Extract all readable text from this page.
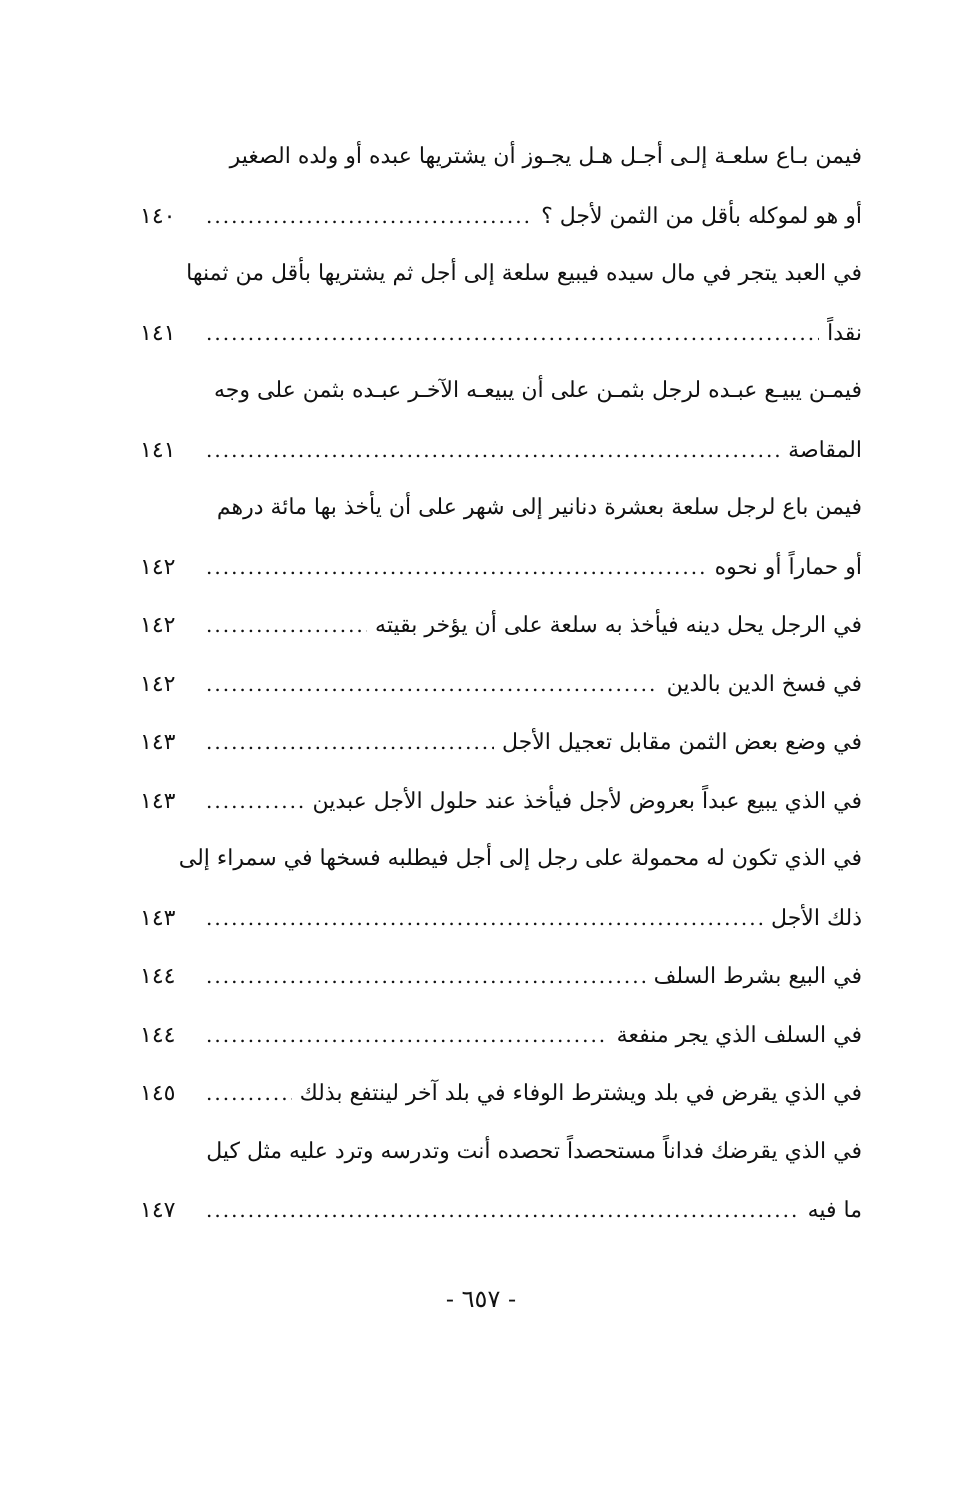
فيمن بـاع سلعـة إلـى أجـل هـل يجـوز أن يشتريها عبده أو ولده الصغير
أو هو لموكله بأقل من الثمن لأجل ؟
.....
١٤٠
في العبد يتجر في مال سيده فيبيع سلعة إلى أجل ثم يشتريها بأقل من ثمنها
نقداً
.....
١٤١
فيمـن يبيـع عبـده لرجل بثمـن على أن يبيعـه الآخـر عبـده بثمن على وجه
المقاصة
.....
١٤١
فيمن باع لرجل سلعة بعشرة دنانير إلى شهر على أن يأخذ بها مائة درهم
أو حماراً أو نحوه
.....
١٤٢
في الرجل يحل دينه فيأخذ به سلعة على أن يؤخر بقيته
.....
١٤٢
في فسخ الدين بالدين
.....
١٤٢
في وضع بعض الثمن مقابل تعجيل الأجل
.....
١٤٣
في الذي يبيع عبداً بعروض لأجل فيأخذ عند حلول الأجل عبدين
.....
١٤٣
في الذي تكون له محمولة على رجل إلى أجل فيطلبه فسخها في سمراء إلى
ذلك الأجل
.....
١٤٣
في البيع بشرط السلف
.....
١٤٤
في السلف الذي يجر منفعة
.....
١٤٤
في الذي يقرض في بلد ويشترط الوفاء في بلد آخر لينتفع بذلك
.....
١٤٥
في الذي يقرضك فداناً مستحصداً تحصده أنت وتدرسه وترد عليه مثل كيل
ما فيه
.....
١٤٧
- ٦٥٧ -
